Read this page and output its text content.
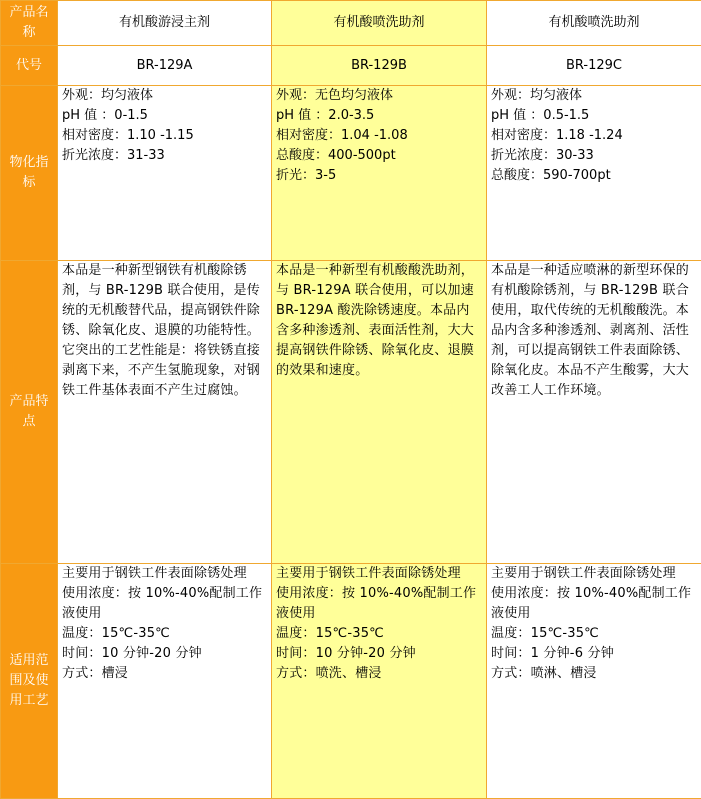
产品名称	有机酸游浸主剂	有机酸喷洗助剂	有机酸喷洗助剂
代号	BR-129A	BR-129B	BR-129C
物化指标	外观：均匀液体
pH 值 ：0-1.5
相对密度：1.10 -1.15
折光浓度：31-33	外观：无色均匀液体
pH 值 ：2.0-3.5
相对密度：1.04 -1.08
总酸度：400-500pt
折光：3-5	外观：均匀液体
pH 值 ：0.5-1.5
相对密度：1.18 -1.24
折光浓度：30-33
总酸度：590-700pt

产品特点	本品是一种新型钢铁有机酸除锈剂，与 BR-129B 联合使用，是传统的无机酸替代品，提高钢铁件除锈、除氧化皮、退膜的功能特性。它突出的工艺性能是：将铁锈直接剥离下来，不产生氢脆现象，对钢铁工件基体表面不产生过腐蚀。	本品是一种新型有机酸酸洗助剂，与 BR-129A 联合使用，可以加速 BR-129A 酸洗除锈速度。本品内含多种渗透剂、表面活性剂，大大提高钢铁件除锈、除氧化皮、退膜的效果和速度。	本品是一种适应喷淋的新型环保的有机酸除锈剂，与 BR-129B 联合使用，取代传统的无机酸酸洗。本品内含多种渗透剂、剥离剂、活性剂，可以提高钢铁工件表面除锈、除氧化皮。本品不产生酸雾，大大改善工人工作环境。

适用范围及使用工艺	主要用于钢铁工件表面除锈处理
使用浓度：按 10%-40%配制工作液使用
温度：15℃-35℃
时间：10 分钟-20 分钟
方式：槽浸	主要用于钢铁工件表面除锈处理
使用浓度：按 10%-40%配制工作液使用
温度：15℃-35℃
时间：10 分钟-20 分钟
方式：喷洗、槽浸	主要用于钢铁工件表面除锈处理
使用浓度：按 10%-40%配制工作液使用
温度：15℃-35℃
时间：1 分钟-6 分钟
方式：喷淋、槽浸
